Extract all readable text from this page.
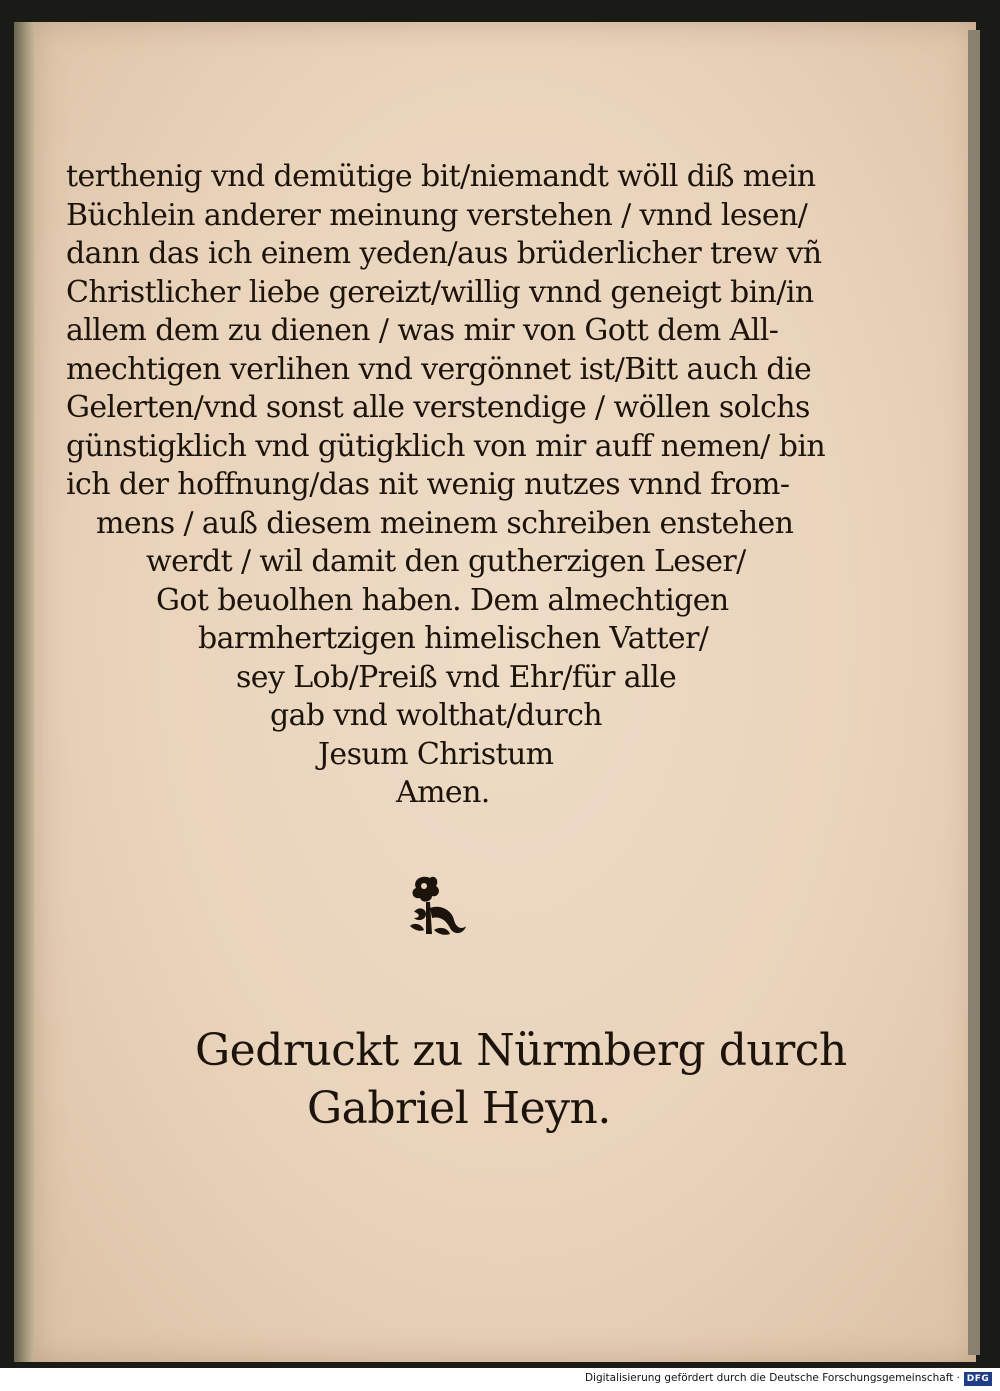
terthenig vnd demütige bit/niemandt wöll diß mein
Büchlein anderer meinung verstehen / vnnd lesen/
dann das ich einem yeden/aus brüderlicher trew vñ
Christlicher liebe gereizt/willig vnnd geneigt bin/in
allem dem zu dienen / was mir von Gott dem All-
mechtigen verlihen vnd vergönnet ist/Bitt auch die
Gelerten/vnd sonst alle verstendige / wöllen solchs
günstigklich vnd gütigklich von mir auff nemen/ bin
ich der hoffnung/das nit wenig nutzes vnnd from-
mens / auß diesem meinem schreiben enstehen
werdt / wil damit den gutherzigen Leser/
Got beuolhen haben. Dem almechtigen
barmhertzigen himelischen Vatter/
sey Lob/Preiß vnd Ehr/für alle
gab vnd wolthat/durch
Jesum Christum
Amen.
Gedruckt zu Nürmberg durch
Gabriel Heyn.
Digitalisierung gefördert durch die Deutsche Forschungsgemeinschaft · DFG
